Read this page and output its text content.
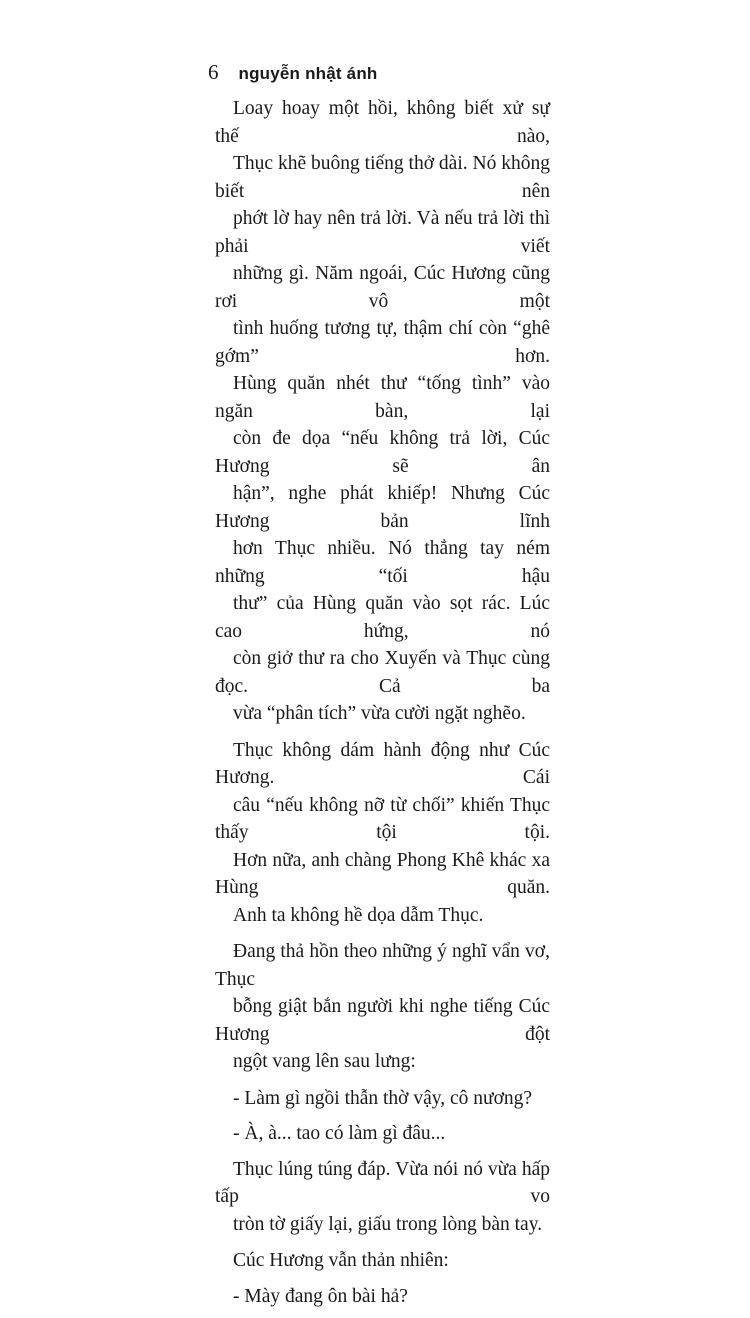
6 nguyễn nhật ánh

Loay hoay một hồi, không biết xử sự thế nào,
Thục khẽ buông tiếng thở dài. Nó không biết nên
phớt lờ hay nên trả lời. Và nếu trả lời thì phải viết
những gì. Năm ngoái, Cúc Hương cũng rơi vô một
tình huống tương tự, thậm chí còn “ghê gớm” hơn.
Hùng quăn nhét thư “tống tình” vào ngăn bàn, lại
còn đe dọa “nếu không trả lời, Cúc Hương sẽ ân
hận”, nghe phát khiếp! Nhưng Cúc Hương bản lĩnh
hơn Thục nhiều. Nó thẳng tay ném những “tối hậu
thư” của Hùng quăn vào sọt rác. Lúc cao hứng, nó
còn giở thư ra cho Xuyến và Thục cùng đọc. Cả ba
vừa “phân tích” vừa cười ngặt nghẽo.

Thục không dám hành động như Cúc Hương. Cái
câu “nếu không nỡ từ chối” khiến Thục thấy tội tội.
Hơn nữa, anh chàng Phong Khê khác xa Hùng quăn.
Anh ta không hề dọa dẫm Thục.

Đang thả hồn theo những ý nghĩ vẩn vơ, Thục
bỗng giật bắn người khi nghe tiếng Cúc Hương đột
ngột vang lên sau lưng:

- Làm gì ngồi thẫn thờ vậy, cô nương?

- À, à... tao có làm gì đâu...

Thục lúng túng đáp. Vừa nói nó vừa hấp tấp vo
tròn tờ giấy lại, giấu trong lòng bàn tay.

Cúc Hương vẫn thản nhiên:

- Mày đang ôn bài hả?
